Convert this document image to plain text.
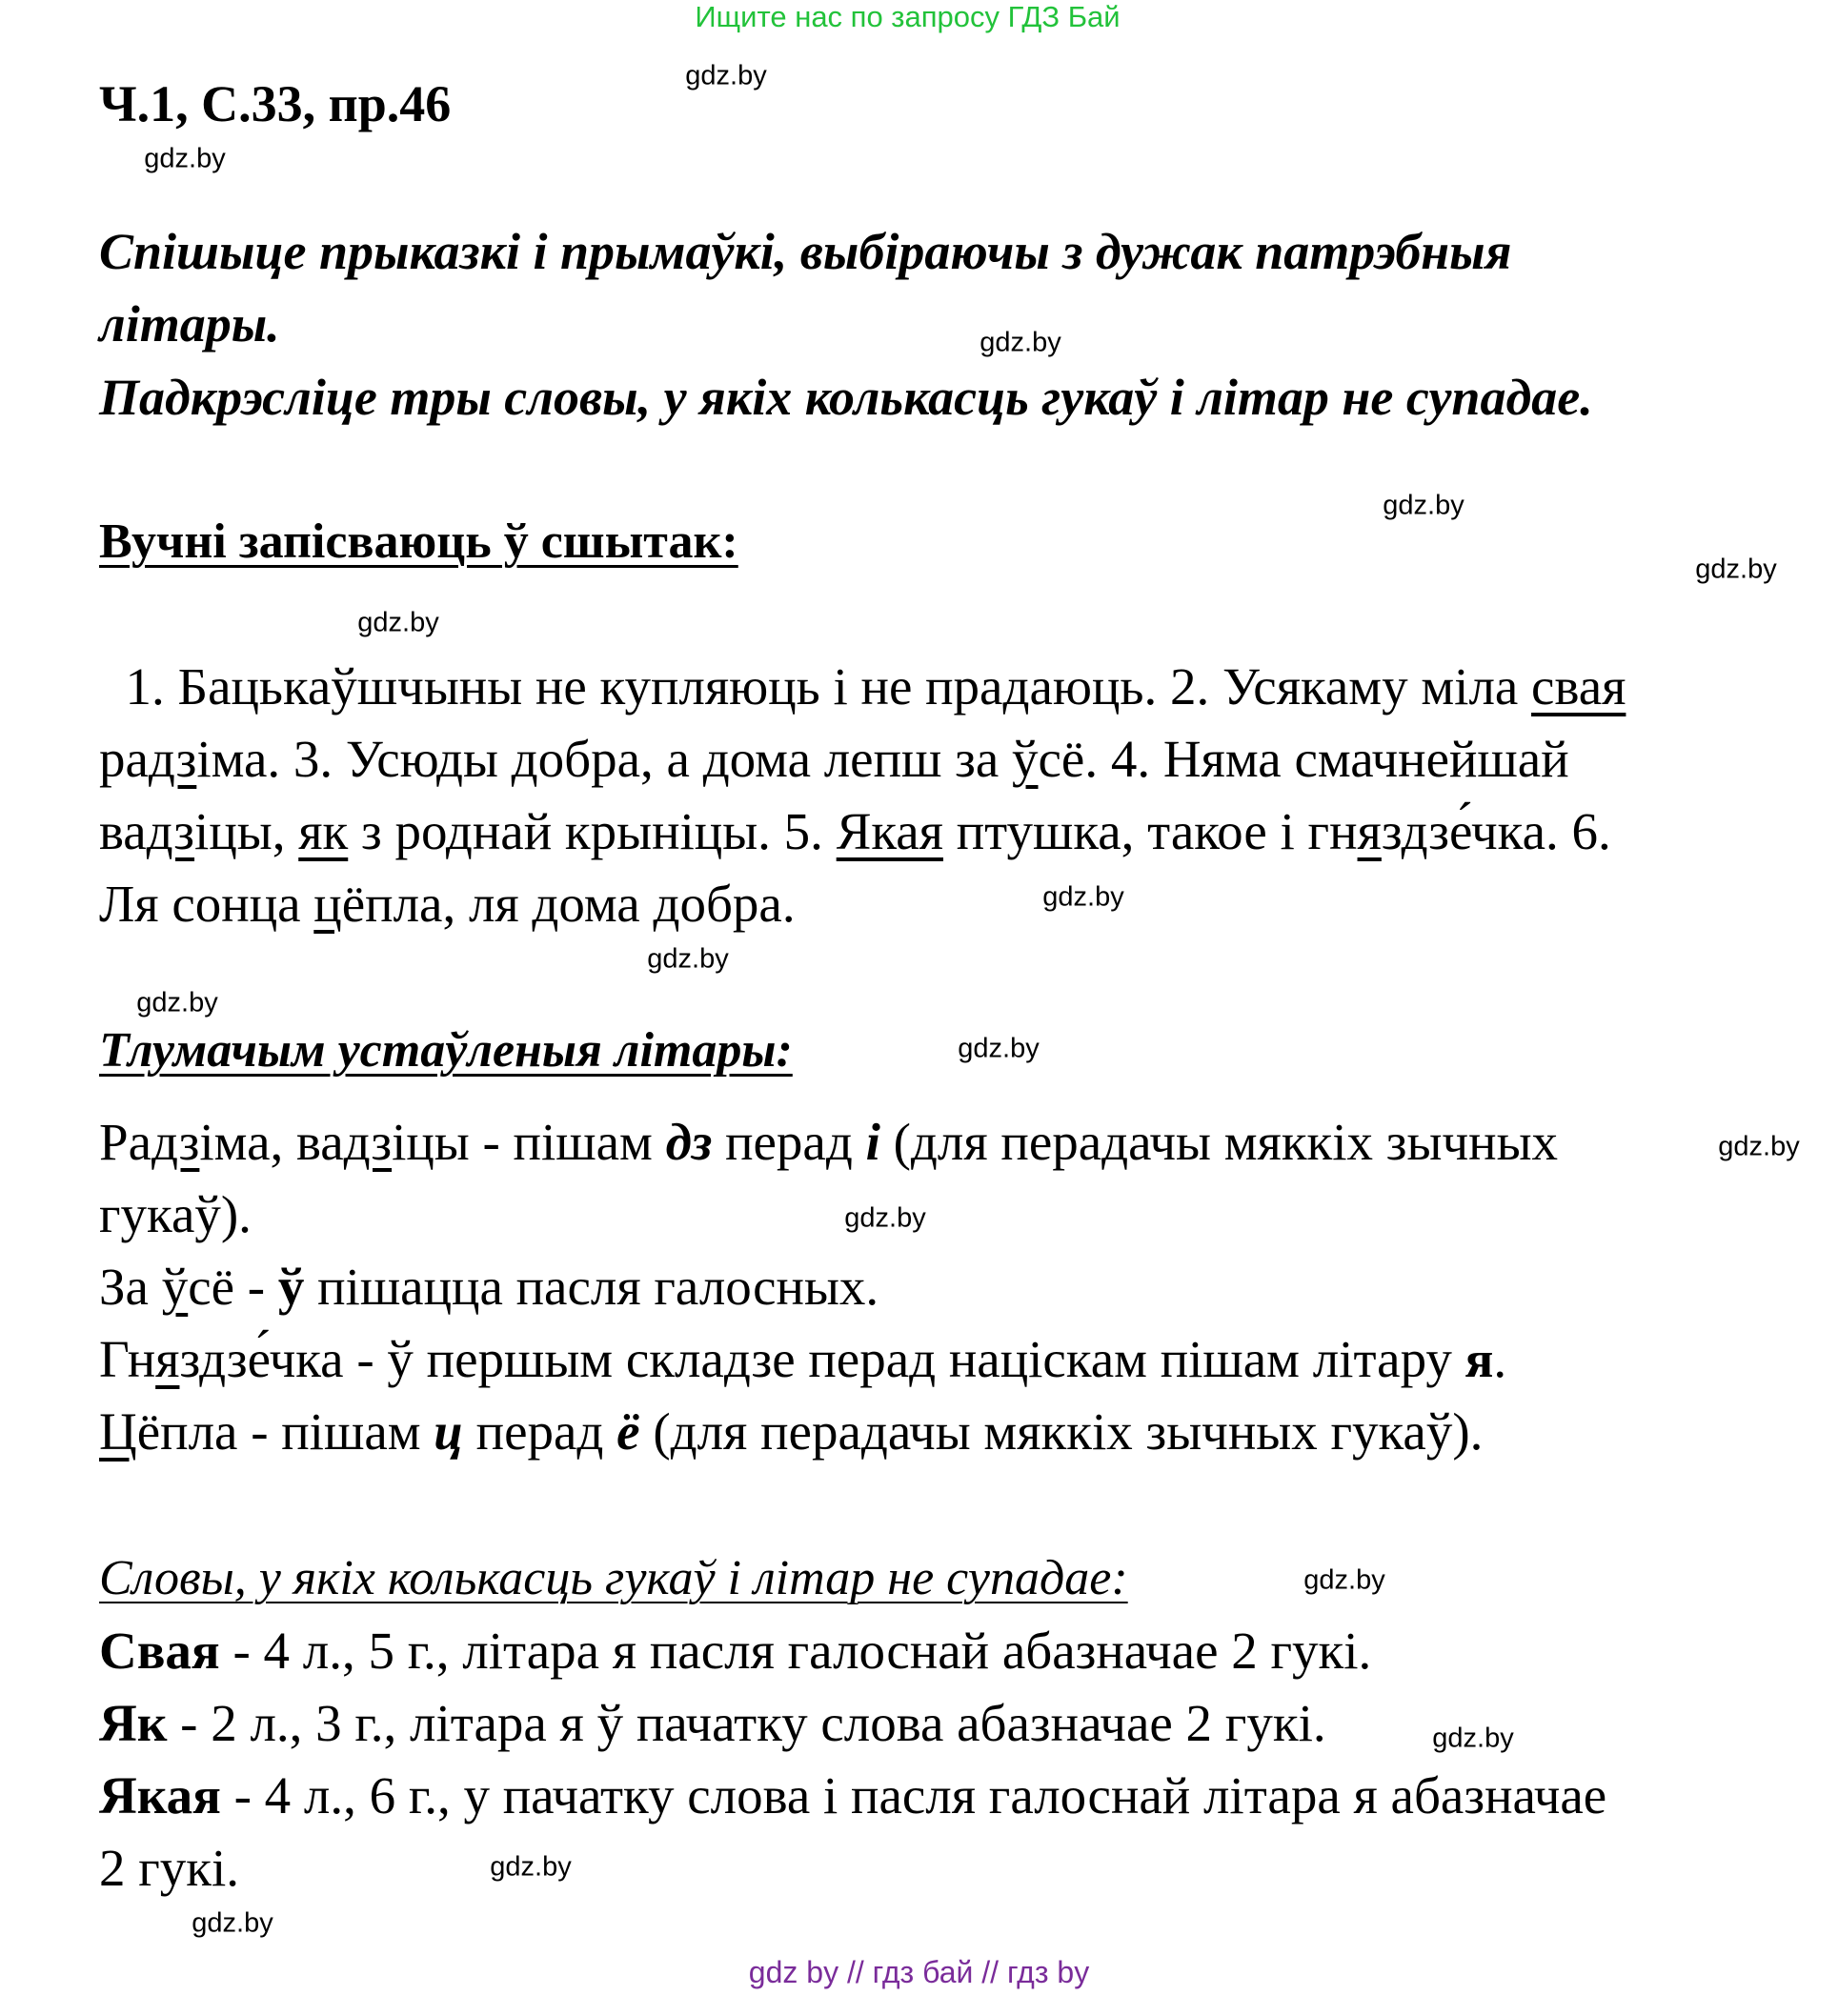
Ищите нас по запросу ГДЗ Бай
Ч.1, С.33, пр.46
Спішыце прыказкі і прымаўкі, выбіраючы з дужак патрэбныя
літары.
Падкрэсліце тры словы, у якіх колькасць гукаў і літар не супадае.
Вучні запісваюць ў сшытак:
1. Бацькаўшчыны не купляюць і не прадаюць. 2. Усякаму міла свая
радзіма. 3. Усюды добра, а дома лепш за ўсё. 4. Няма смачнейшай
вадзіцы, як з роднай крыніцы. 5. Якая птушка, такое і гняздзе́чка. 6.
Ля сонца цёпла, ля дома добра.
Тлумачым устаўленыя літары:
Радзіма, вадзіцы - пішам дз перад і (для перадачы мяккіх зычных
гукаў).
За ўсё - ў пішацца пасля галосных.
Гняздзе́чка - ў першым складзе перад націскам пішам літару я.
Цёпла - пішам ц перад ё (для перадачы мяккіх зычных гукаў).
Словы, у якіх колькасць гукаў і літар не супадае:
Свая - 4 л., 5 г., літара я пасля галоснай абазначае 2 гукі.
Як - 2 л., 3 г., літара я ў пачатку слова абазначае 2 гукі.
Якая - 4 л., 6 г., у пачатку слова і пасля галоснай літара я абазначае
2 гукі.
gdz.by
gdz.by
gdz.by
gdz.by
gdz.by
gdz.by
gdz.by
gdz.by
gdz.by
gdz.by
gdz.by
gdz.by
gdz.by
gdz.by
gdz.by
gdz.by
gdz by // гдз бай // гдз by
